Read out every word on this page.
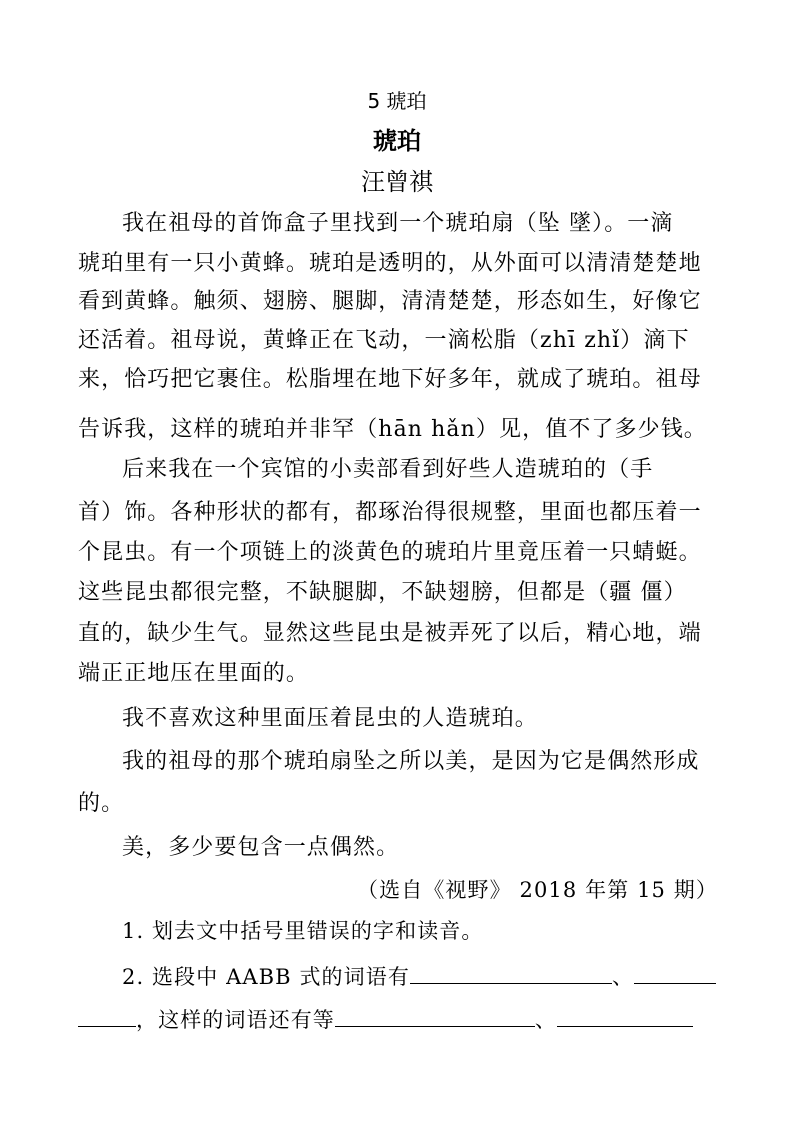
5 琥珀
琥珀
汪曾祺
我在祖母的首饰盒子里找到一个琥珀扇（坠 墜）。一滴
琥珀里有一只小黄蜂。琥珀是透明的，从外面可以清清楚楚地
看到黄蜂。触须、翅膀、腿脚，清清楚楚，形态如生，好像它
还活着。祖母说，黄蜂正在飞动，一滴松脂（zhī zhǐ）滴下
来，恰巧把它裹住。松脂埋在地下好多年，就成了琥珀。祖母
告诉我，这样的琥珀并非罕（hān hǎn）见，值不了多少钱。
后来我在一个宾馆的小卖部看到好些人造琥珀的（手
首）饰。各种形状的都有，都琢治得很规整，里面也都压着一
个昆虫。有一个项链上的淡黄色的琥珀片里竟压着一只蜻蜓。
这些昆虫都很完整，不缺腿脚，不缺翅膀，但都是（疆 僵）
直的，缺少生气。显然这些昆虫是被弄死了以后，精心地，端
端正正地压在里面的。
我不喜欢这种里面压着昆虫的人造琥珀。
我的祖母的那个琥珀扇坠之所以美，是因为它是偶然形成
的。
美，多少要包含一点偶然。
（选自《视野》 2018 年第 15 期）
1. 划去文中括号里错误的字和读音。
2. 选段中 AABB 式的词语有	、
，这样的词语还有等	、
